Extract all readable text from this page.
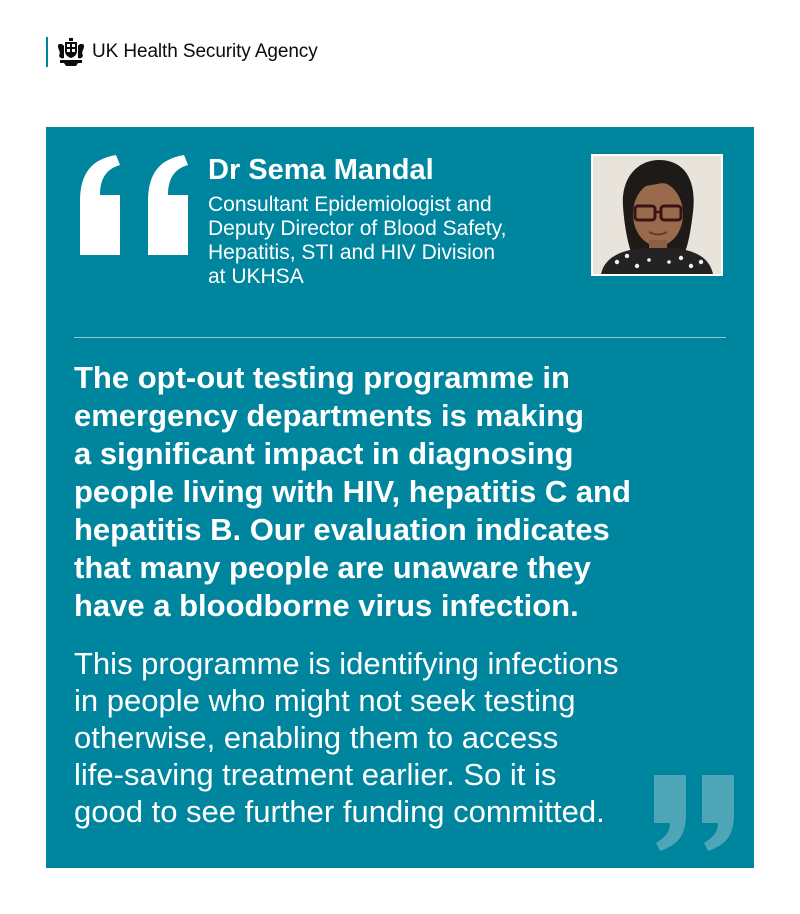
UK Health Security Agency

Dr Sema Mandal

Consultant Epidemiologist and
Deputy Director of Blood Safety,
Hepatitis, STI and HIV Division
at UKHSA

The opt-out testing programme in
emergency departments is making
a significant impact in diagnosing
people living with HIV, hepatitis C and
hepatitis B. Our evaluation indicates
that many people are unaware they
have a bloodborne virus infection.

This programme is identifying infections
in people who might not seek testing
otherwise, enabling them to access
life-saving treatment earlier. So it is
good to see further funding committed.
